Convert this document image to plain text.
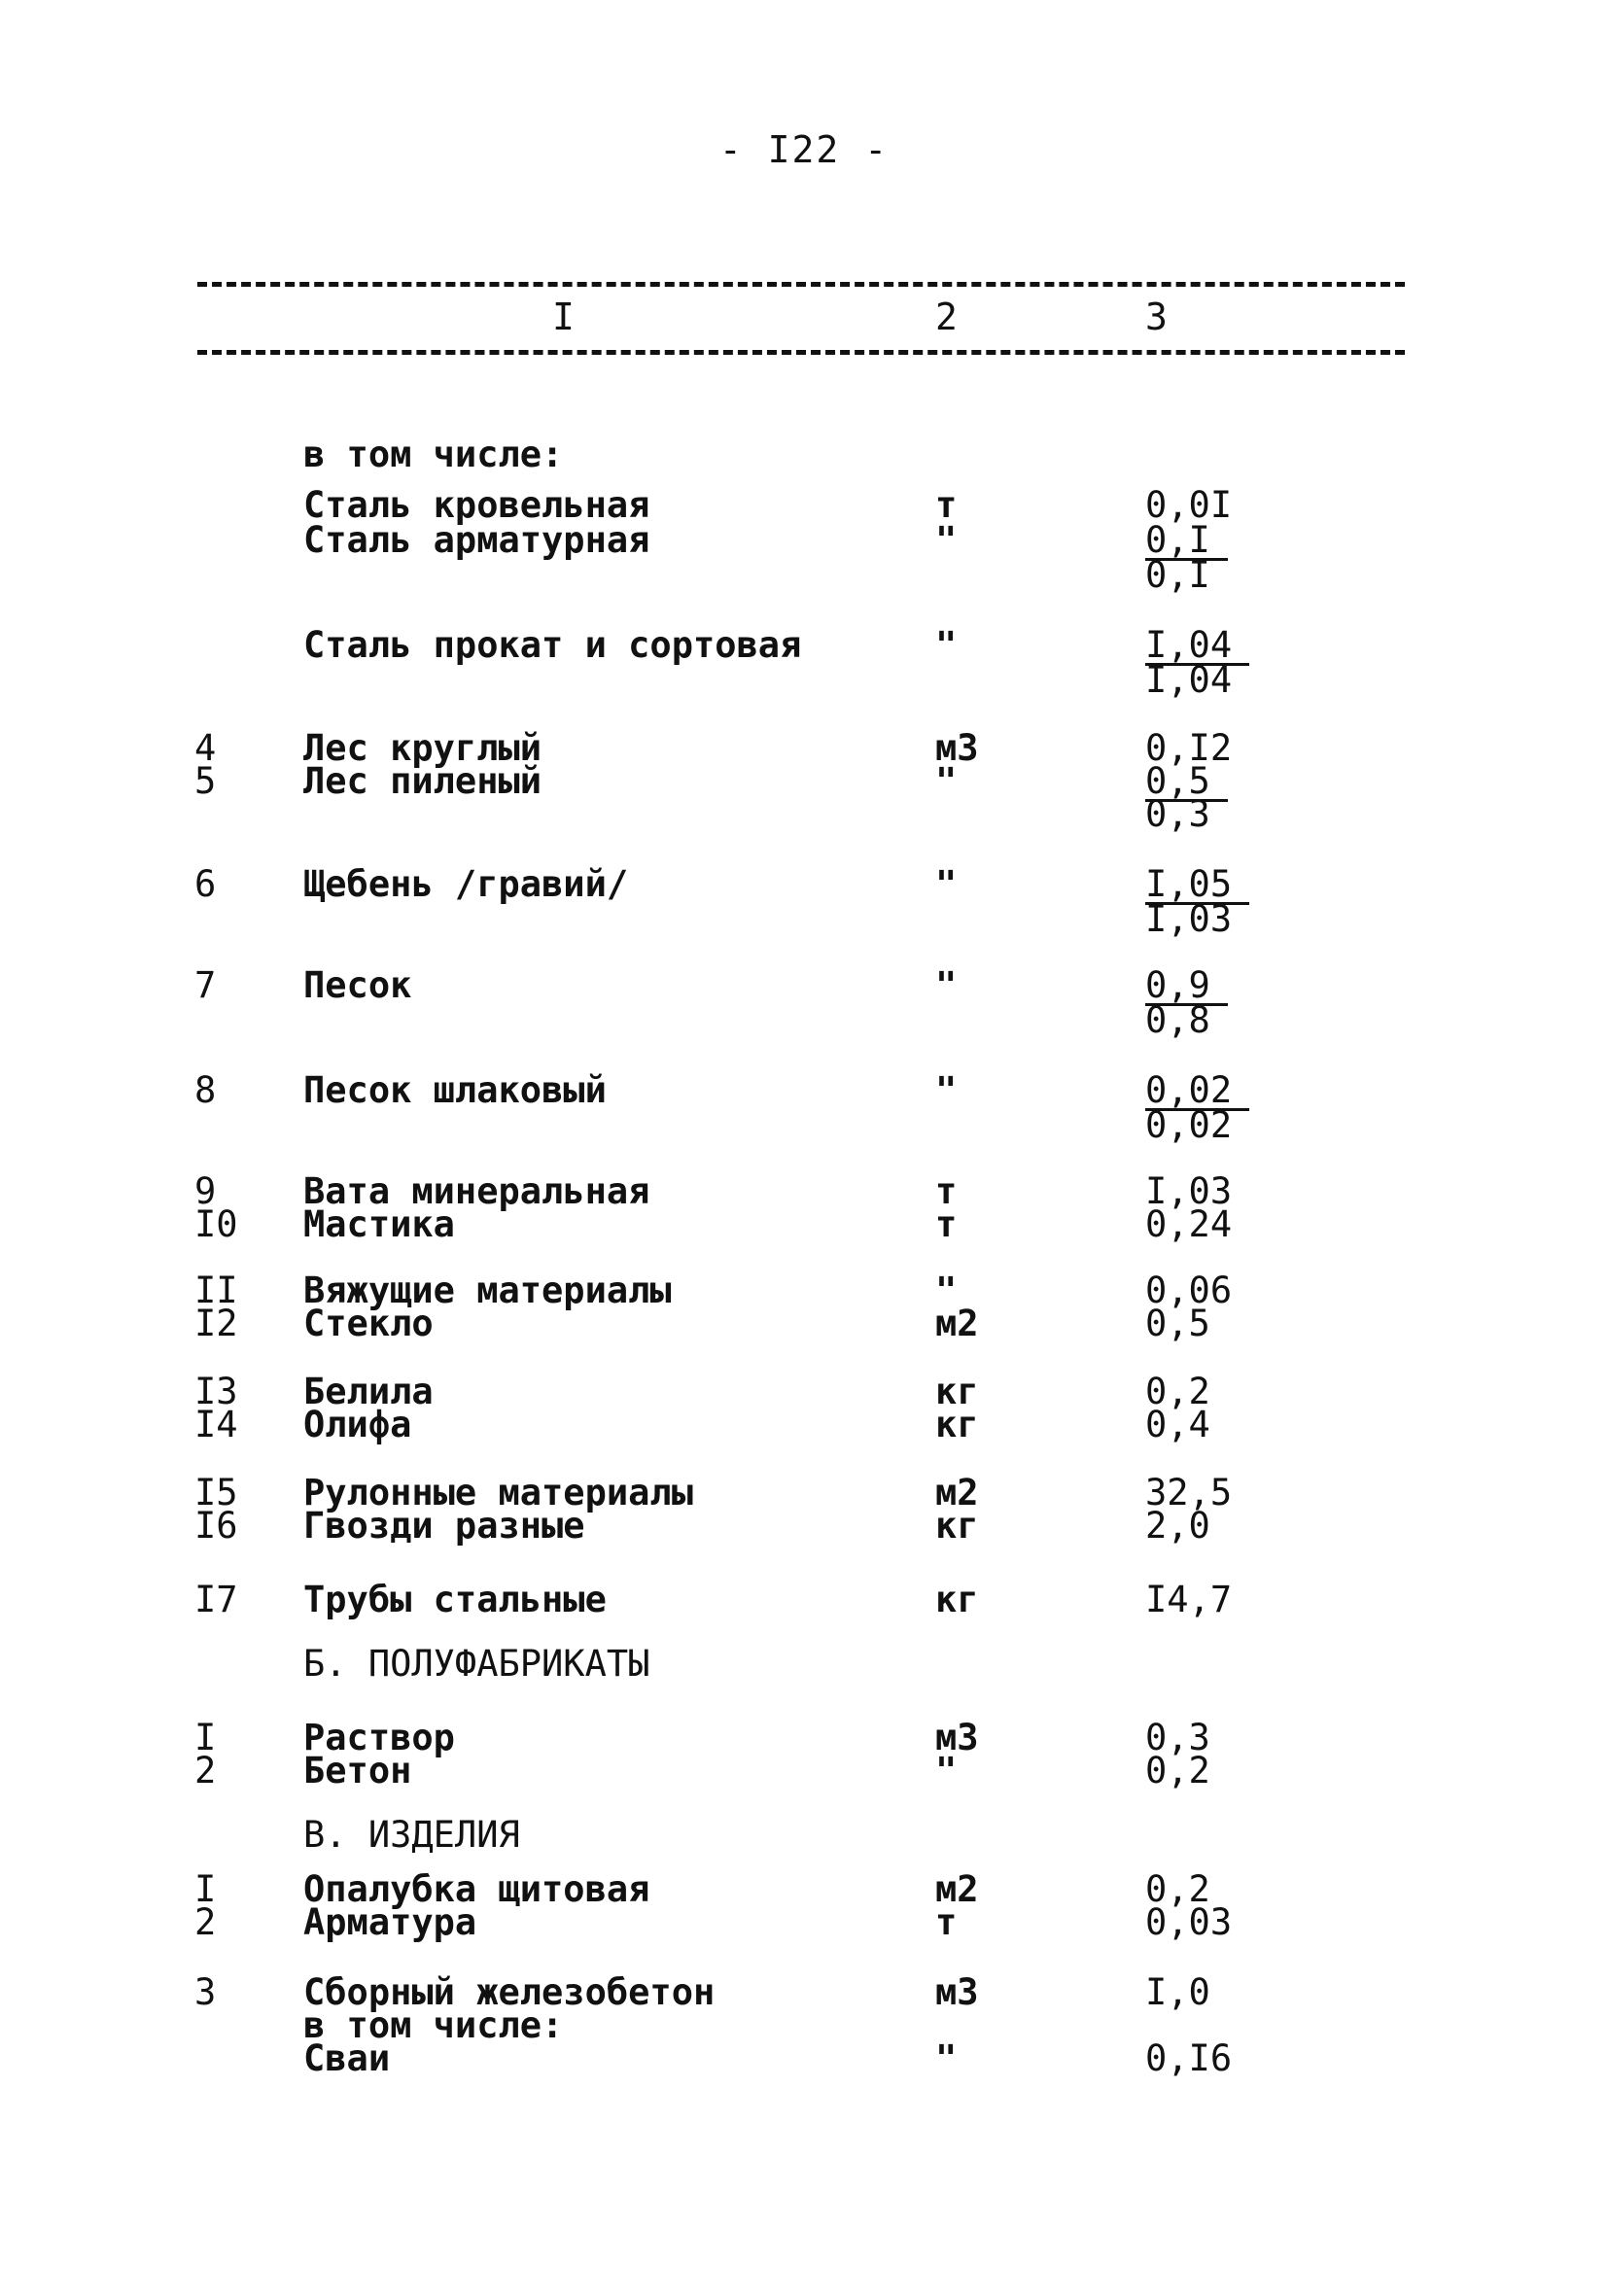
- I22 -
I	2	3
в том числе:
Сталь кровельная	т	0,0I
Сталь арматурная	"	0,I
0,I
Сталь прокат и сортовая	"	I,04
I,04
4	Лес круглый	м3	0,I2
5	Лес пиленый	"	0,5
0,3
6	Щебень /гравий/	"	I,05
I,03
7	Песок	"	0,9
0,8
8	Песок шлаковый	"	0,02
0,02
9	Вата минеральная	т	I,03
I0	Мастика	т	0,24
II	Вяжущие материалы	"	0,06
I2	Стекло	м2	0,5
I3	Белила	кг	0,2
I4	Олифа	кг	0,4
I5	Рулонные материалы	м2	32,5
I6	Гвозди разные	кг	2,0
I7	Трубы стальные	кг	I4,7
Б. ПОЛУФАБРИКАТЫ
I	Раствор	м3	0,3
2	Бетон	"	0,2
В. ИЗДЕЛИЯ
I	Опалубка щитовая	м2	0,2
2	Арматура	т	0,03
3	Сборный железобетон	м3	I,0
в том числе:
Сваи	"	0,I6
